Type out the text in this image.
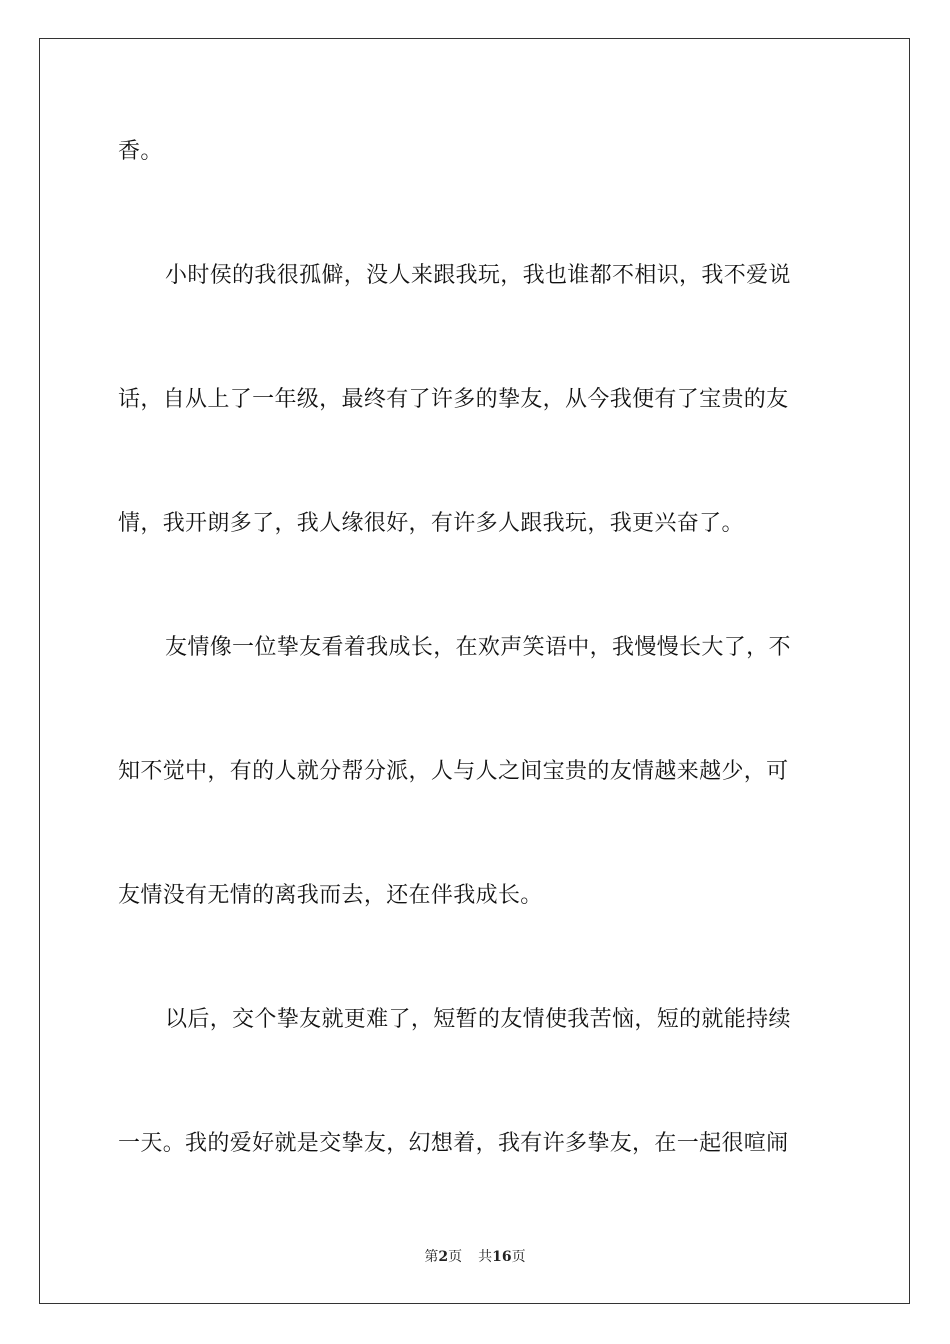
香。
小时侯的我很孤僻，没人来跟我玩，我也谁都不相识，我不爱说
话，自从上了一年级，最终有了许多的挚友，从今我便有了宝贵的友
情，我开朗多了，我人缘很好，有许多人跟我玩，我更兴奋了。
友情像一位挚友看着我成长，在欢声笑语中，我慢慢长大了，不
知不觉中，有的人就分帮分派，人与人之间宝贵的友情越来越少，可
友情没有无情的离我而去，还在伴我成长。
以后，交个挚友就更难了，短暂的友情使我苦恼，短的就能持续
一天。我的爱好就是交挚友，幻想着，我有许多挚友，在一起很喧闹
第2页 共16页
